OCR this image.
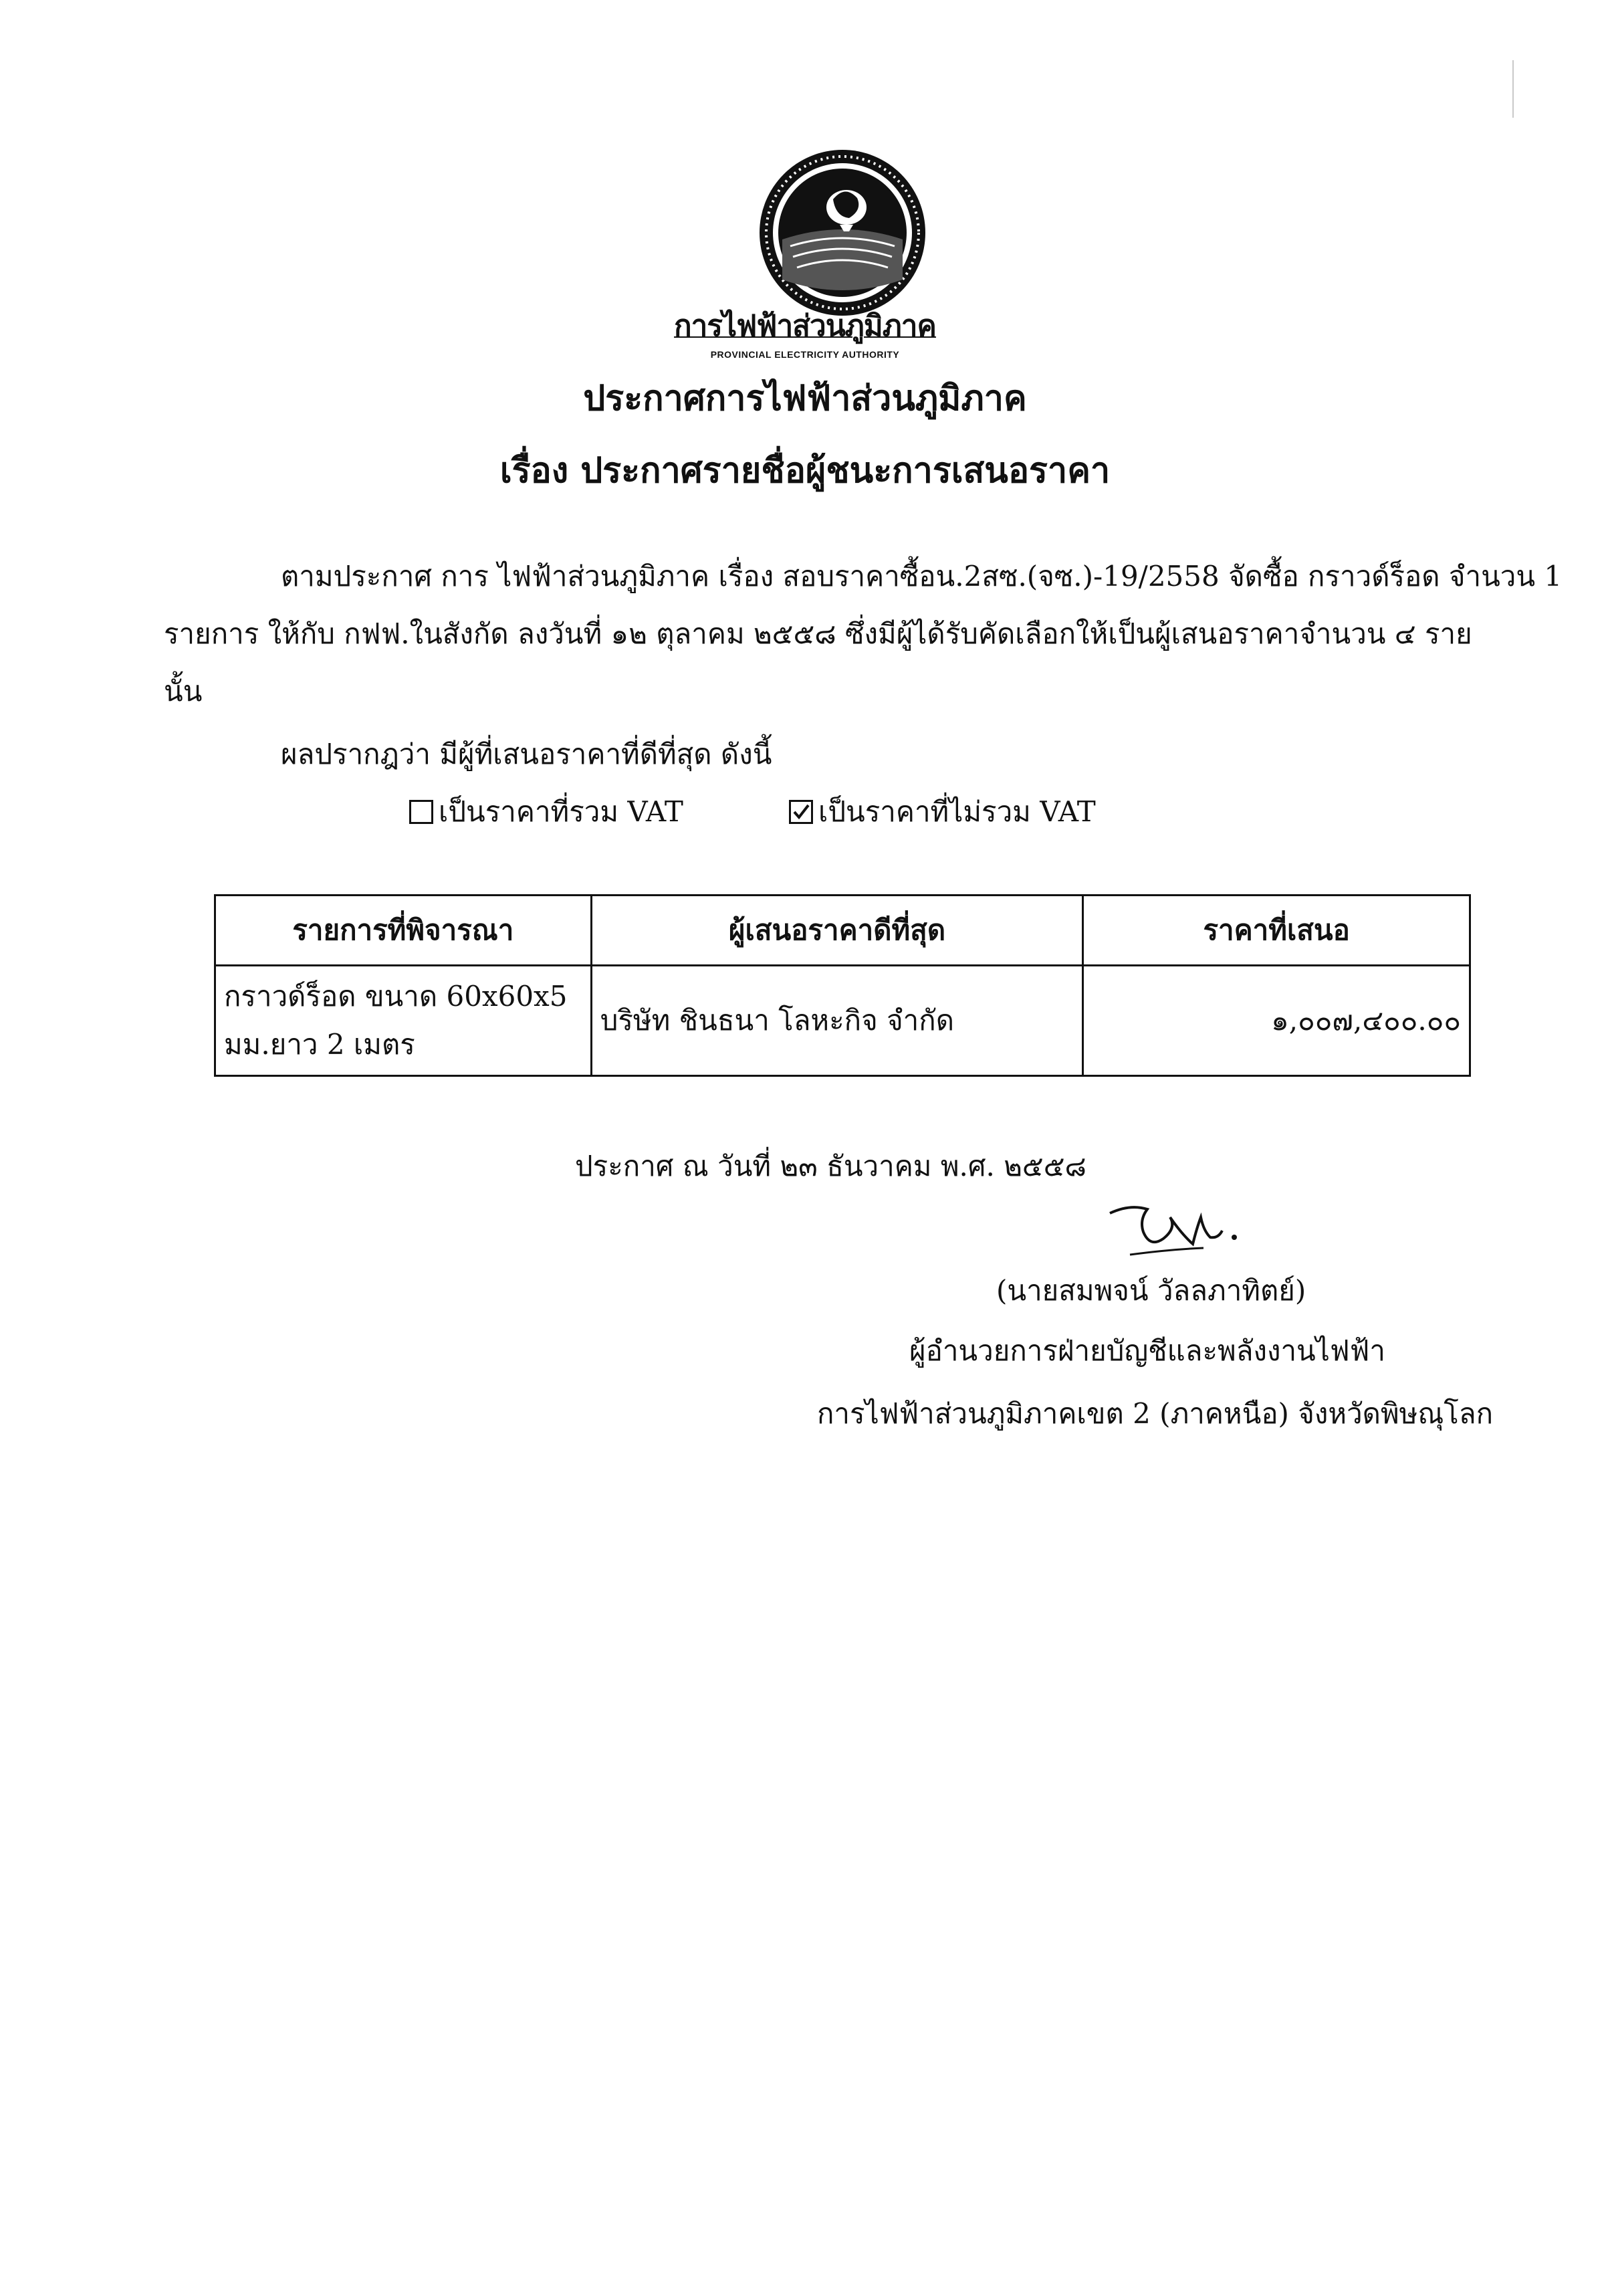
การไฟฟ้าส่วนภูมิภาค
PROVINCIAL ELECTRICITY AUTHORITY
ประกาศการไฟฟ้าส่วนภูมิภาค
เรื่อง ประกาศรายชื่อผู้ชนะการเสนอราคา
ตามประกาศ การ ไฟฟ้าส่วนภูมิภาค เรื่อง สอบราคาซื้อน.2สซ.(จซ.)-19/2558 จัดซื้อ กราวด์ร็อด จำนวน 1
รายการ ให้กับ กฟฟ.ในสังกัด ลงวันที่ ๑๒ ตุลาคม ๒๕๕๘ ซึ่งมีผู้ได้รับคัดเลือกให้เป็นผู้เสนอราคาจำนวน ๔ ราย
นั้น
ผลปรากฎว่า มีผู้ที่เสนอราคาที่ดีที่สุด ดังนี้
เป็นราคาที่รวม VAT	เป็นราคาที่ไม่รวม VAT
รายการที่พิจารณา	ผู้เสนอราคาดีที่สุด	ราคาที่เสนอ

กราวด์ร็อด ขนาด 60x60x5
มม.ยาว 2 เมตร	บริษัท ชินธนา โลหะกิจ จำกัด	๑,๐๐๗,๔๐๐.๐๐
ประกาศ ณ วันที่ ๒๓ ธันวาคม พ.ศ. ๒๕๕๘
(นายสมพจน์ วัลลภาทิตย์)
ผู้อำนวยการฝ่ายบัญชีและพลังงานไฟฟ้า
การไฟฟ้าส่วนภูมิภาคเขต 2 (ภาคหนือ) จังหวัดพิษณุโลก
